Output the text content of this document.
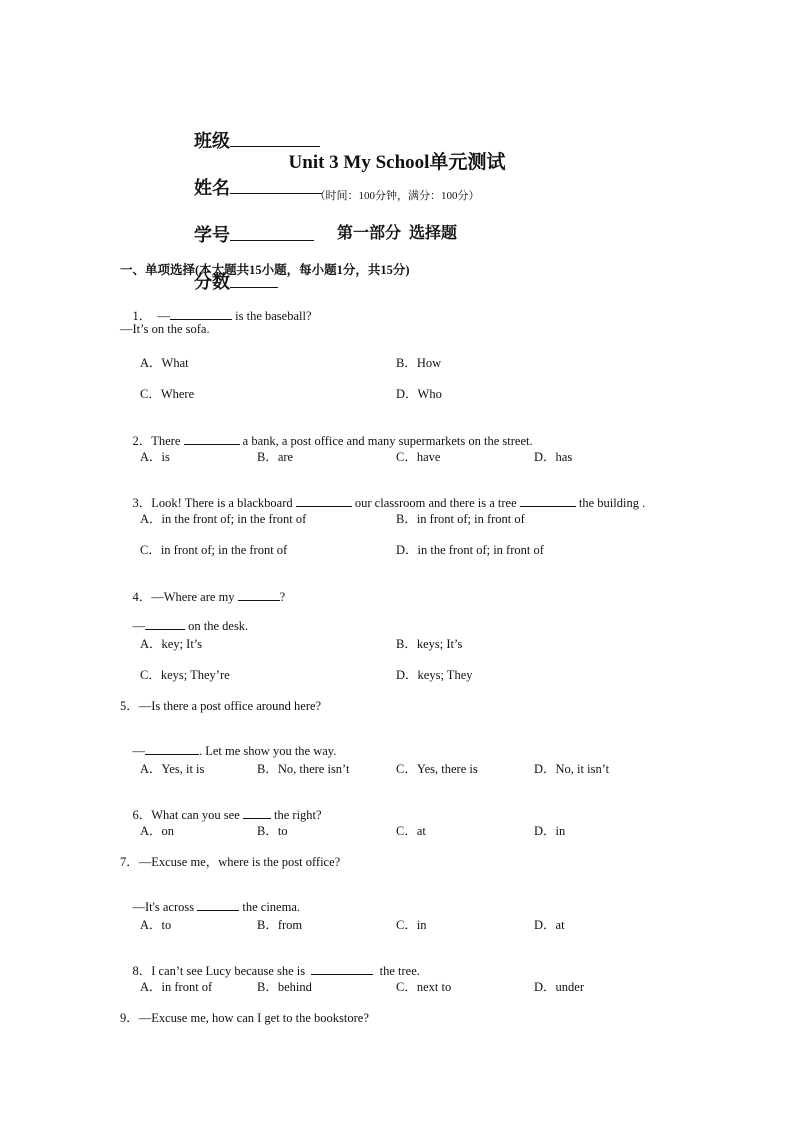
班级

姓名

学号

分数

Unit 3 My School单元测试
（时间：100分钟，满分：100分）
第一部分  选择题
一、单项选择(本大题共15小题，每小题1分，共15分)

1．  —	is the baseball?

—It’s on the sofa.
A．What	B．How
C．Where	D．Who

2．There	a bank, a post office and many supermarkets on the street.

A．is	B．are	C．have	D．has

3．Look! There is a blackboard	our classroom and there is a tree	the building .

A．in the front of; in the front of	B．in front of; in front of
C．in front of; in the front of	D．in the front of; in front of

4．—Where are my	?

—	on the desk.

A．key; It’s	B．keys; It’s
C．keys; They’re	D．keys; They
5．—Is there a post office around here?

—	. Let me show you the way.

A．Yes, it is	B．No, there isn’t	C．Yes, there is	D．No, it isn’t

6．What can you see  the right?

A．on	B．to	C．at	D．in
7．—Excuse me，where is the post office?

—It's across	the cinema.

A．to	B．from	C．in	D．at

8．I can’t see Lucy because she is	the tree.

A．in front of	B．behind	C．next to	D．under
9．—Excuse me, how can I get to the bookstore?
